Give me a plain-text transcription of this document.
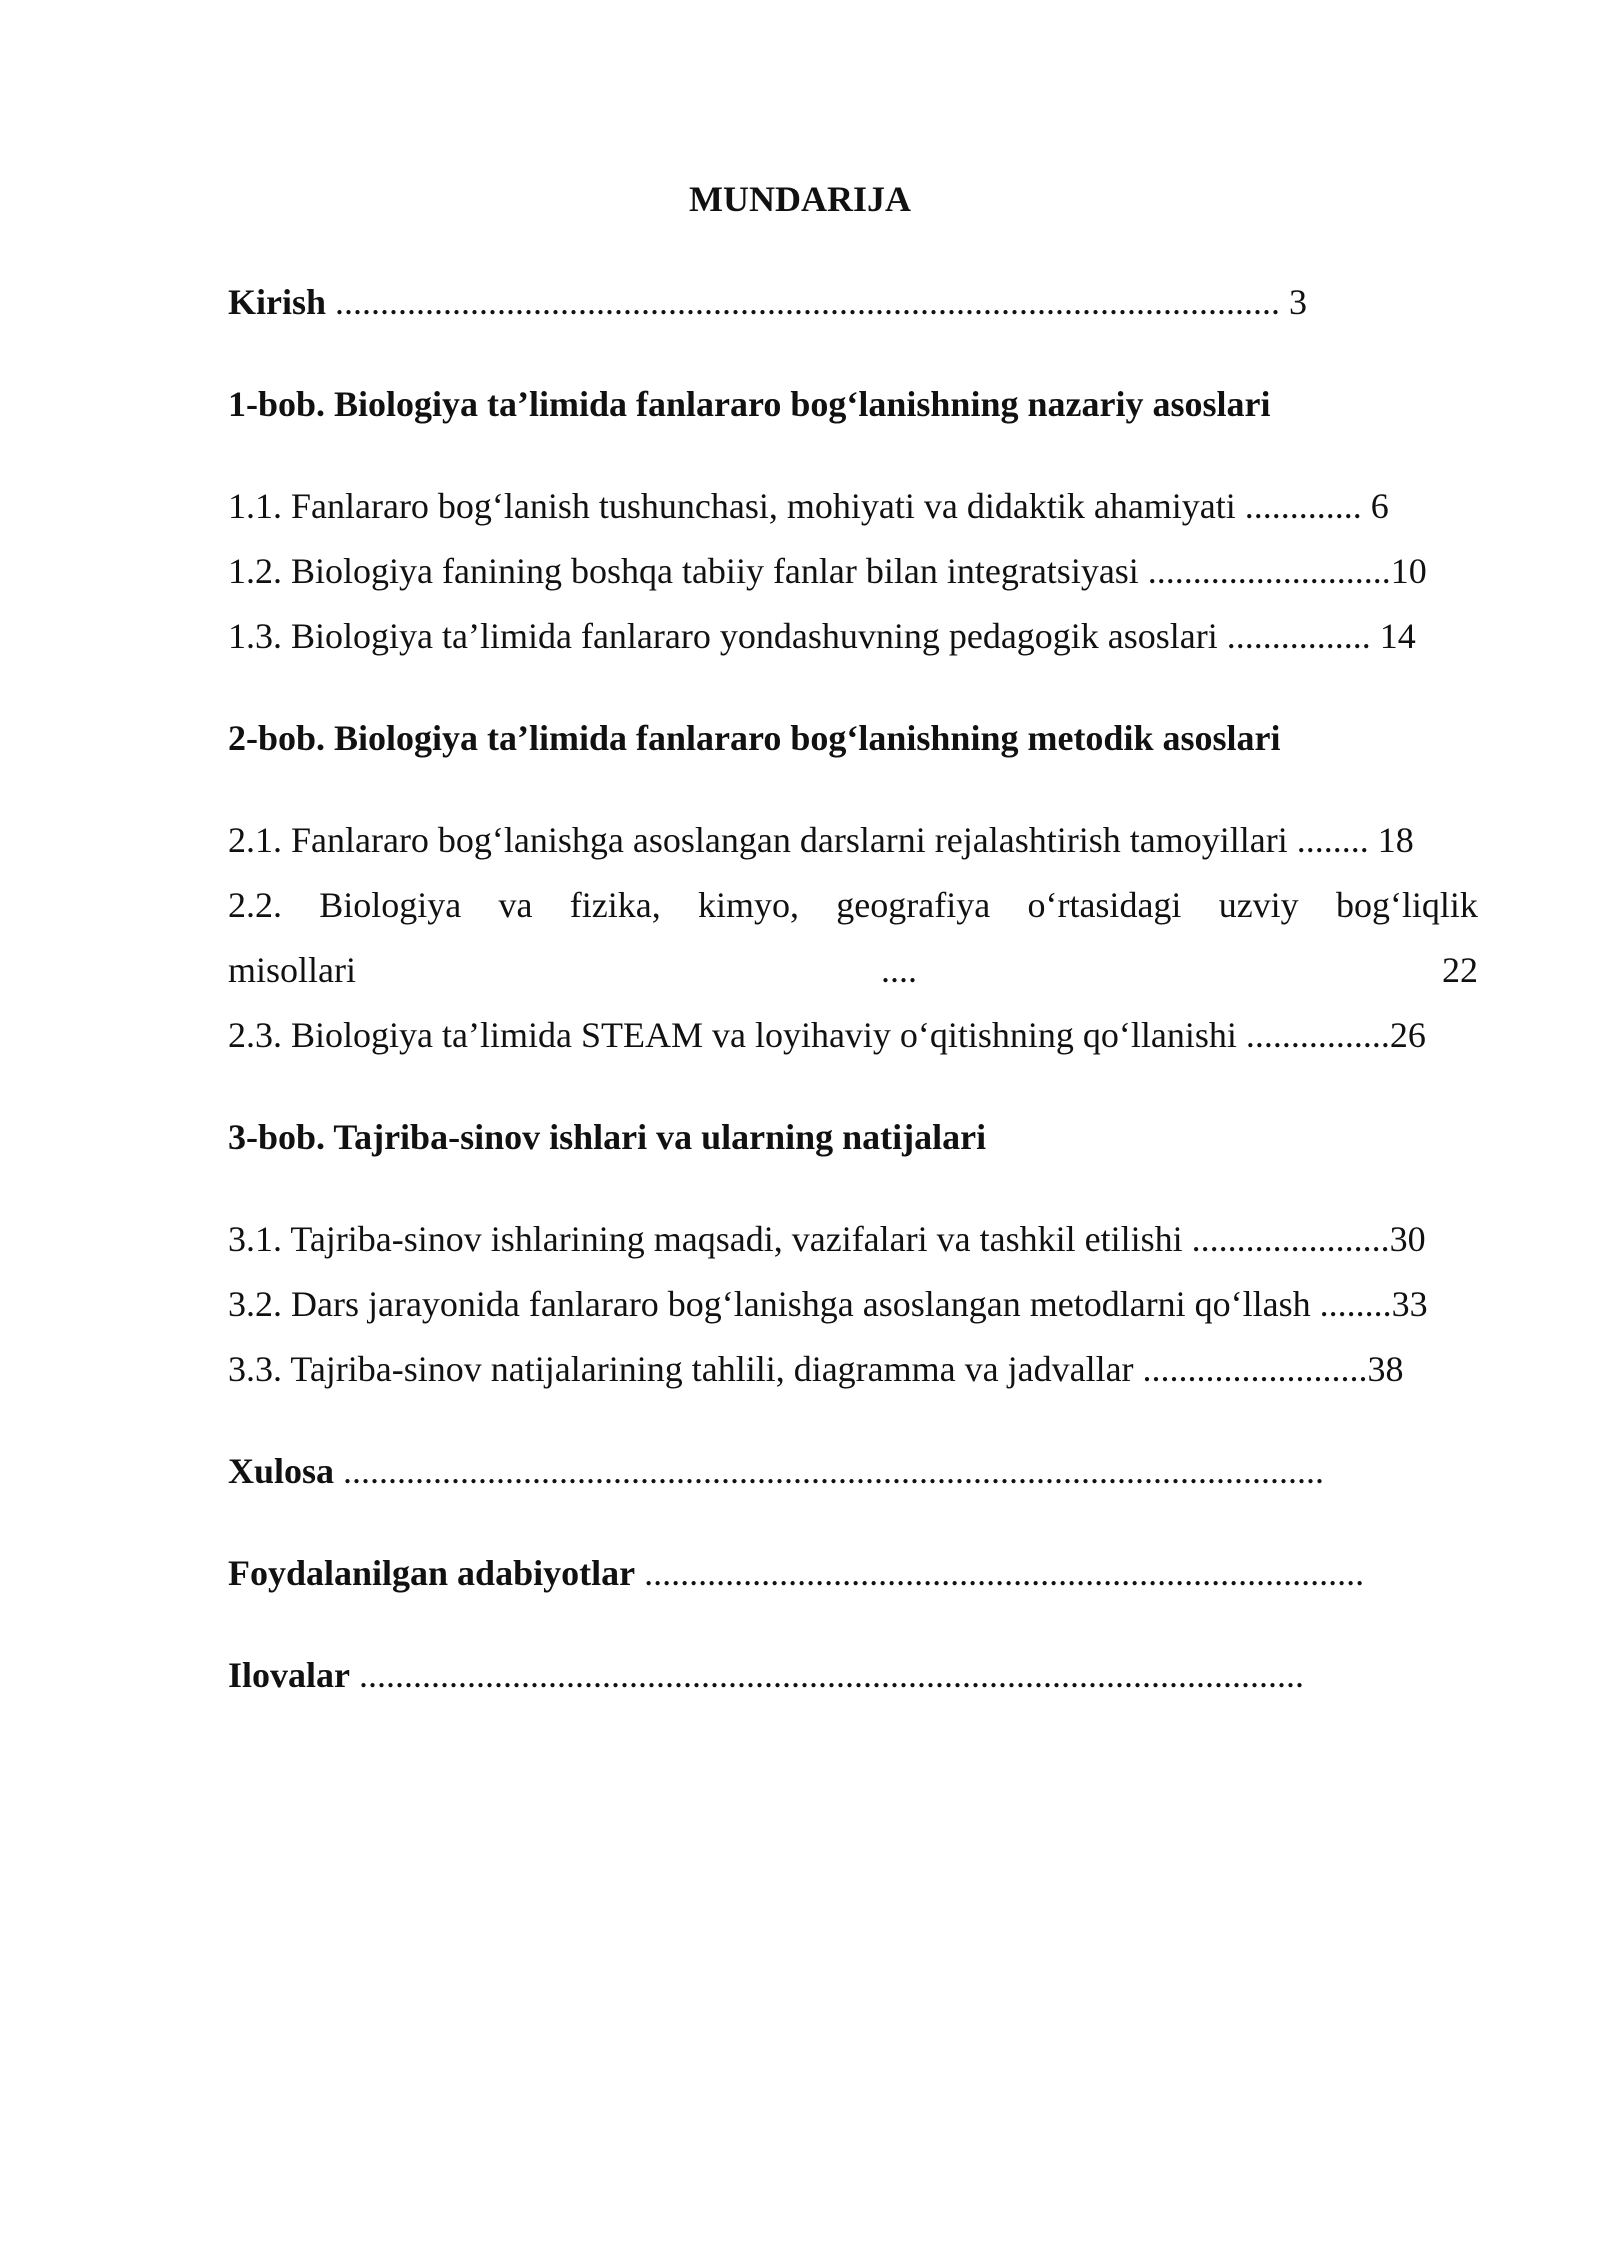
MUNDARIJA
Kirish ......................................................................................................... 3
1-bob. Biologiya ta’limida fanlararo bog‘lanishning nazariy asoslari
1.1. Fanlararo bog‘lanish tushunchasi, mohiyati va didaktik ahamiyati ............. 6
1.2. Biologiya fanining boshqa tabiiy fanlar bilan integratsiyasi ...........................10
1.3. Biologiya ta’limida fanlararo yondashuvning pedagogik asoslari ................ 14
2-bob. Biologiya ta’limida fanlararo bog‘lanishning metodik asoslari
2.1. Fanlararo bog‘lanishga asoslangan darslarni rejalashtirish tamoyillari ........ 18
2.2. Biologiya va fizika, kimyo, geografiya o‘rtasidagi uzviy bog‘liqlik
misollari	....	22
2.3. Biologiya ta’limida STEAM va loyihaviy o‘qitishning qo‘llanishi ................26
3-bob. Tajriba-sinov ishlari va ularning natijalari
3.1. Tajriba-sinov ishlarining maqsadi, vazifalari va tashkil etilishi ......................30
3.2. Dars jarayonida fanlararo bog‘lanishga asoslangan metodlarni qo‘llash ........33
3.3. Tajriba-sinov natijalarining tahlili, diagramma va jadvallar .........................38
Xulosa .............................................................................................................
Foydalanilgan adabiyotlar ................................................................................
Ilovalar .........................................................................................................
